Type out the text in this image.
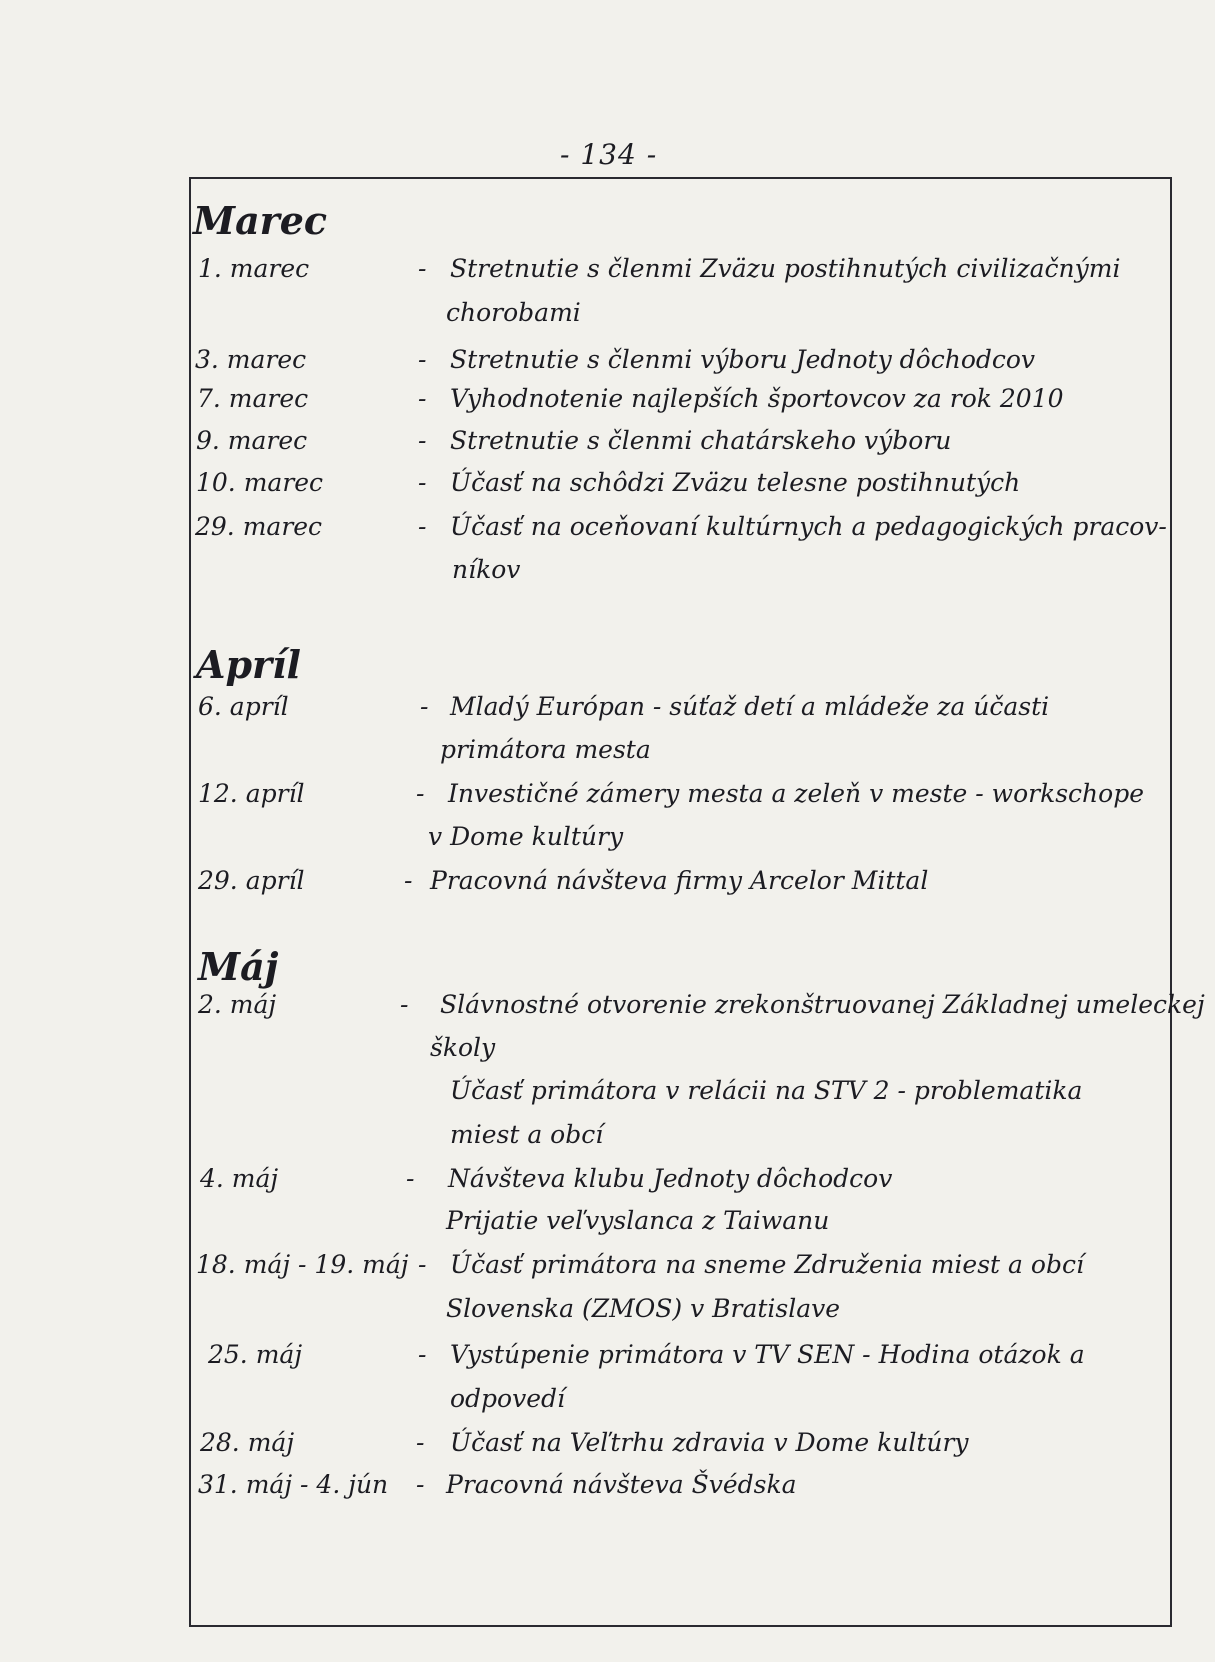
- 134 -
Marec
1. marec	- Stretnutie s členmi Zväzu postihnutých civilizačnými
chorobami
3. marec	- Stretnutie s členmi výboru Jednoty dôchodcov
7. marec	- Vyhodnotenie najlepších športovcov za rok 2010
9. marec	- Stretnutie s členmi chatárskeho výboru
10. marec	- Účasť na schôdzi Zväzu telesne postihnutých
29. marec	- Účasť na oceňovaní kultúrnych a pedagogických pracov-
níkov
Apríl
6. apríl	- Mladý Európan - súťaž detí a mládeže za účasti
primátora mesta
12. apríl	- Investičné zámery mesta a zeleň v meste - workschope
v Dome kultúry
29. apríl	- Pracovná návšteva firmy Arcelor Mittal
Máj
2. máj	- Slávnostné otvorenie zrekonštruovanej Základnej umeleckej
školy
Účasť primátora v relácii na STV 2 - problematika
miest a obcí
4. máj	- Návšteva klubu Jednoty dôchodcov
Prijatie veľvyslanca z Taiwanu
18. máj - 19. máj - Účasť primátora na sneme Združenia miest a obcí
Slovenska (ZMOS) v Bratislave
25. máj	- Vystúpenie primátora v TV SEN - Hodina otázok a
odpovedí
28. máj	- Účasť na Veľtrhu zdravia v Dome kultúry
31. máj - 4. jún - Pracovná návšteva Švédska
